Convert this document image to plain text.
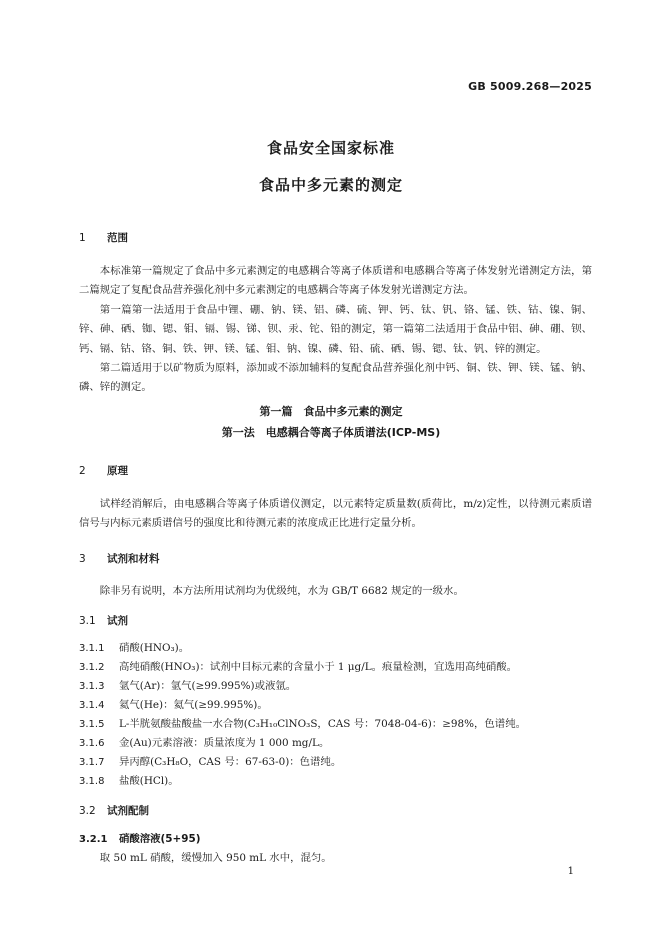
GB 5009.268—2025
食品安全国家标准
食品中多元素的测定
1 范围
本标准第一篇规定了食品中多元素测定的电感耦合等离子体质谱和电感耦合等离子体发射光谱测定方法，第二篇规定了复配食品营养强化剂中多元素测定的电感耦合等离子体发射光谱测定方法。
第一篇第一法适用于食品中锂、硼、钠、镁、铝、磷、硫、钾、钙、钛、钒、铬、锰、铁、钴、镍、铜、锌、砷、硒、铷、锶、钼、镉、锡、锑、钡、汞、铊、铅的测定，第一篇第二法适用于食品中铝、砷、硼、钡、钙、镉、钴、铬、铜、铁、钾、镁、锰、钼、钠、镍、磷、铅、硫、硒、锡、锶、钛、钒、锌的测定。
第二篇适用于以矿物质为原料，添加或不添加辅料的复配食品营养强化剂中钙、铜、铁、钾、镁、锰、钠、磷、锌的测定。
第一篇　食品中多元素的测定
第一法　电感耦合等离子体质谱法(ICP-MS)
2 原理
试样经消解后，由电感耦合等离子体质谱仪测定，以元素特定质量数(质荷比，m/z)定性，以待测元素质谱信号与内标元素质谱信号的强度比和待测元素的浓度成正比进行定量分析。
3 试剂和材料
除非另有说明，本方法所用试剂均为优级纯，水为 GB/T 6682 规定的一级水。
3.1 试剂
3.1.1 硝酸(HNO₃)。
3.1.2 高纯硝酸(HNO₃)：试剂中目标元素的含量小于 1 μg/L。痕量检测，宜选用高纯硝酸。
3.1.3 氩气(Ar)：氩气(≥99.995%)或液氩。
3.1.4 氦气(He)：氦气(≥99.995%)。
3.1.5 L-半胱氨酸盐酸盐一水合物(C₃H₁₀ClNO₃S，CAS 号：7048-04-6)：≥98%，色谱纯。
3.1.6 金(Au)元素溶液：质量浓度为 1 000 mg/L。
3.1.7 异丙醇(C₃H₈O，CAS 号：67-63-0)：色谱纯。
3.1.8 盐酸(HCl)。
3.2 试剂配制
3.2.1 硝酸溶液(5+95)
取 50 mL 硝酸，缓慢加入 950 mL 水中，混匀。
1
